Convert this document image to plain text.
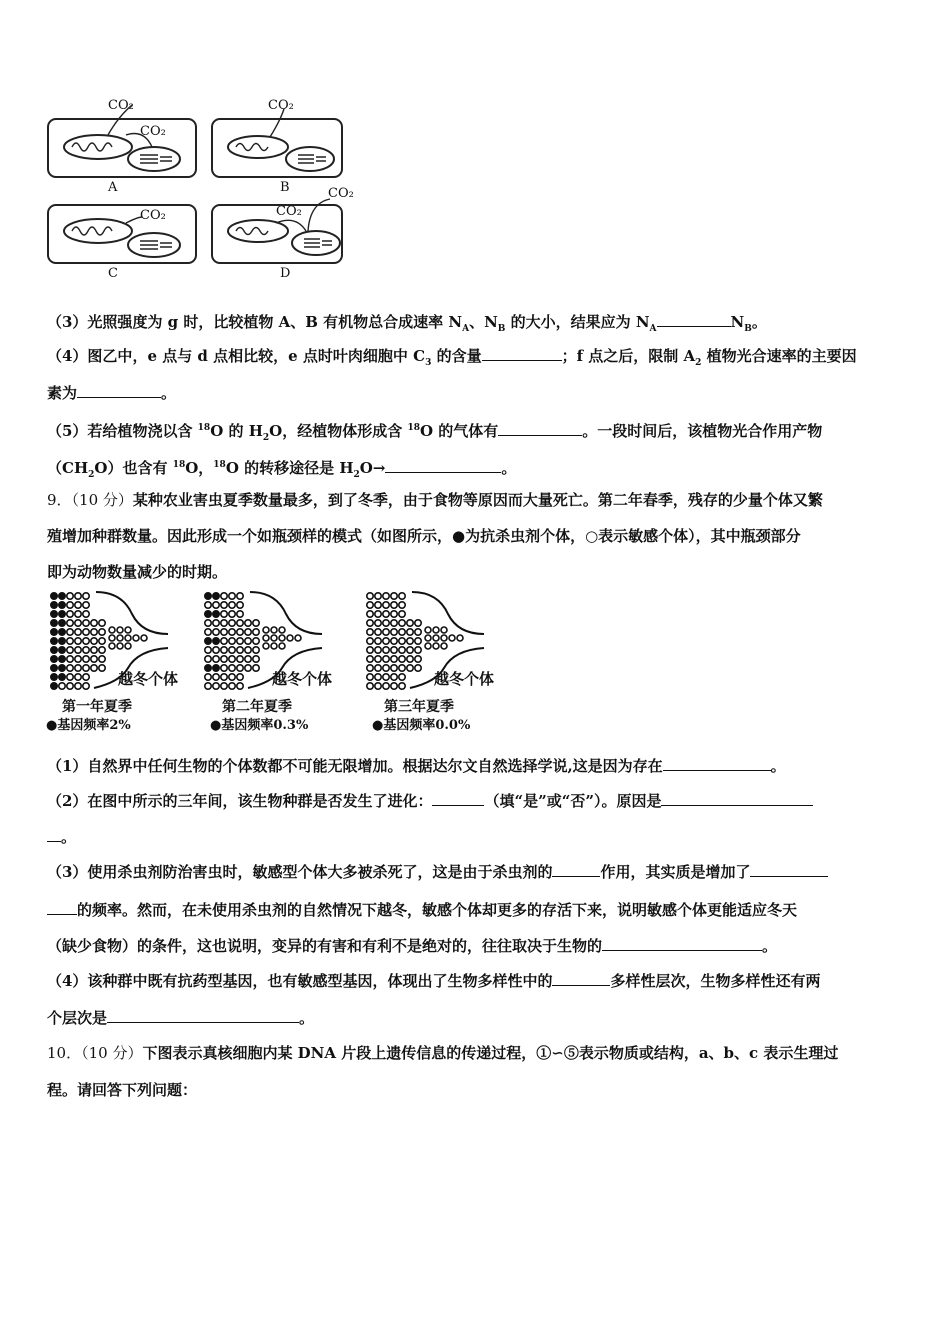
CO₂
CO₂
CO₂
CO₂	CO₂
CO₂
A	B
C	D
（3）光照强度为 g 时，比较植物 A、B 有机物总合成速率 $N_A$、$N_B$ 的大小，结果应为 $N_A$	$N_B$。
（4）图乙中，e 点与 d 点相比较，e 点时叶肉细胞中 $C_3$ 的含量	；f 点之后，限制 $A_2$ 植物光合速率的主要因
素为	。
（5）若给植物浇以含 $^{18}$O 的 $H_2O$，经植物体形成含 $^{18}$O 的气体有	。一段时间后，该植物光合作用产物
$(CH_2O)$也含有 $^{18}$O，$^{18}$O 的转移途径是 $H_2O\to$	。
9．（10 分）某种农业害虫夏季数量最多，到了冬季，由于食物等原因而大量死亡。第二年春季，残存的少量个体又繁
殖增加种群数量。因此形成一个如瓶颈样的模式（如图所示，●为抗杀虫剂个体，○表示敏感个体），其中瓶颈部分
即为动物数量减少的时期。
越冬个体	越冬个体	越冬个体
第一年夏季	第二年夏季	第三年夏季
●基因频率2%	●基因频率0.3%	●基因频率0.0%
（1）自然界中任何生物的个体数都不可能无限增加。根据达尔文自然选择学说,这是因为存在	。
（2）在图中所示的三年间，该生物种群是否发生了进化：	（填“是”或“否”）。原因是
。
（3）使用杀虫剂防治害虫时，敏感型个体大多被杀死了，这是由于杀虫剂的	作用，其实质是增加了
的频率。然而，在未使用杀虫剂的自然情况下越冬，敏感个体却更多的存活下来，说明敏感个体更能适应冬天
（缺少食物）的条件，这也说明，变异的有害和有利不是绝对的，往往取决于生物的	。
（4）该种群中既有抗药型基因，也有敏感型基因，体现出了生物多样性中的	多样性层次，生物多样性还有两
个层次是	。
10．（10 分）下图表示真核细胞内某 DNA 片段上遗传信息的传递过程，①∽⑤表示物质或结构，a、b、c 表示生理过
程。请回答下列问题：
